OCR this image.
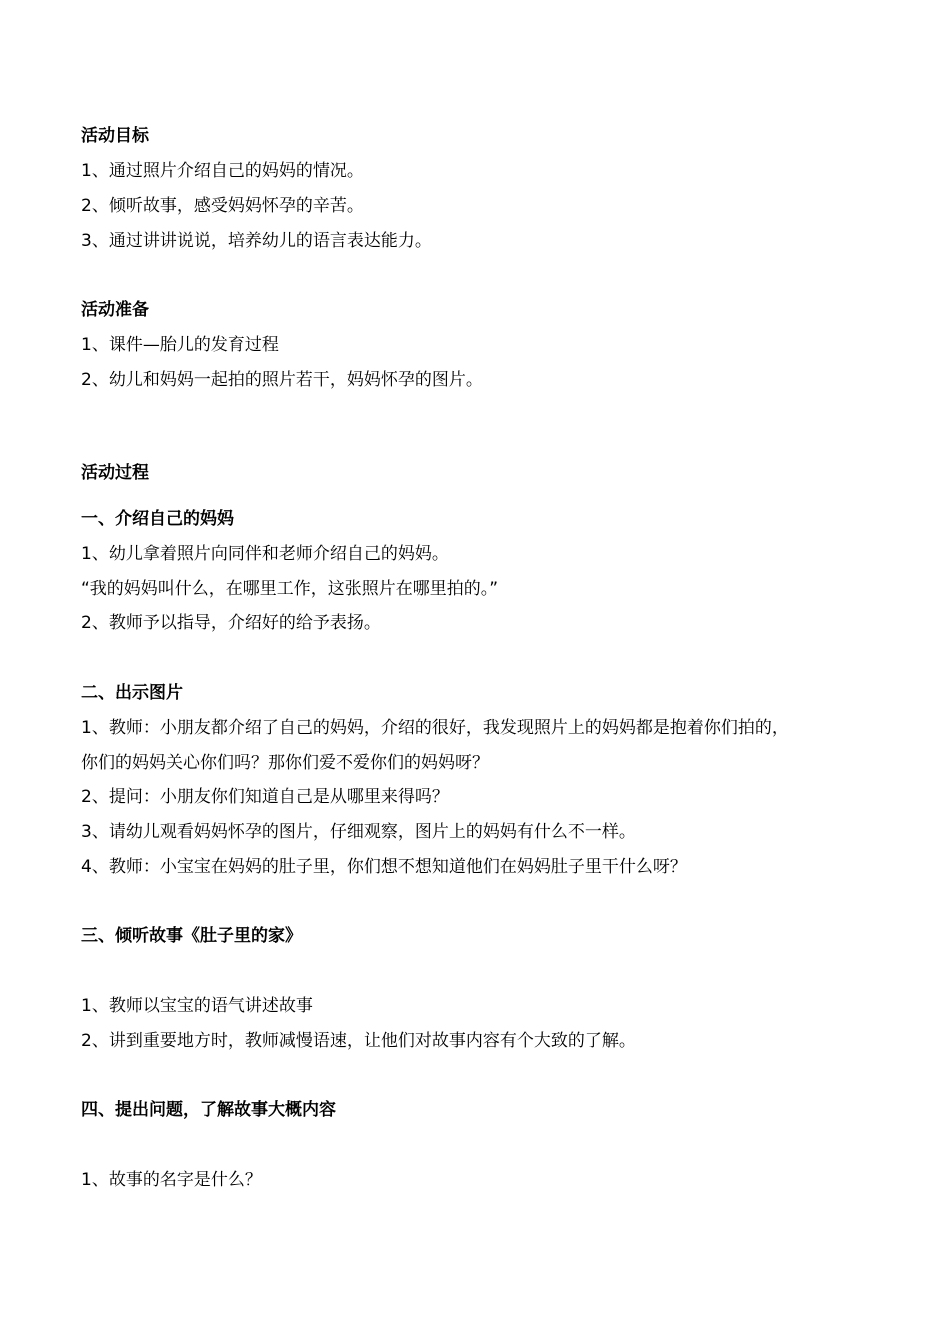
活动目标
1、通过照片介绍自己的妈妈的情况。
2、倾听故事，感受妈妈怀孕的辛苦。
3、通过讲讲说说，培养幼儿的语言表达能力。
活动准备
1、课件—胎儿的发育过程
2、幼儿和妈妈一起拍的照片若干，妈妈怀孕的图片。
活动过程
一、介绍自己的妈妈
1、幼儿拿着照片向同伴和老师介绍自己的妈妈。
“我的妈妈叫什么，在哪里工作，这张照片在哪里拍的。”
2、教师予以指导，介绍好的给予表扬。
二、出示图片
1、教师：小朋友都介绍了自己的妈妈，介绍的很好，我发现照片上的妈妈都是抱着你们拍的，
你们的妈妈关心你们吗？那你们爱不爱你们的妈妈呀？
2、提问：小朋友你们知道自己是从哪里来得吗？
3、请幼儿观看妈妈怀孕的图片，仔细观察，图片上的妈妈有什么不一样。
4、教师：小宝宝在妈妈的肚子里，你们想不想知道他们在妈妈肚子里干什么呀？
三、倾听故事《肚子里的家》
1、教师以宝宝的语气讲述故事
2、讲到重要地方时，教师减慢语速，让他们对故事内容有个大致的了解。
四、提出问题，了解故事大概内容
1、故事的名字是什么？
